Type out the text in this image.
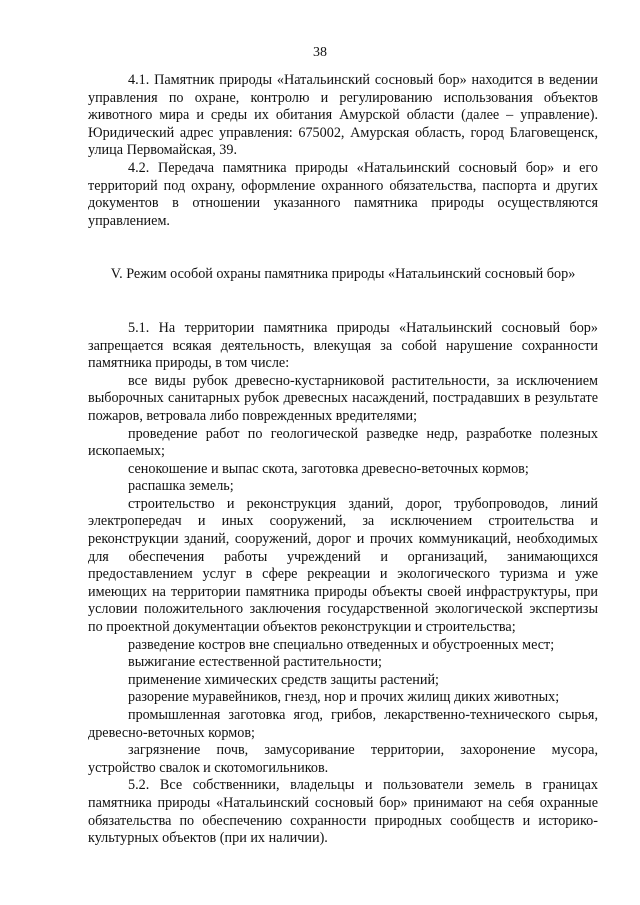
38

4.1. Памятник природы «Натальинский сосновый бор» находится в ведении управления по охране, контролю и регулированию использования объектов животного мира и среды их обитания Амурской области (далее – управление). Юридический адрес управления: 675002, Амурская область, город Благовещенск, улица Первомайская, 39.

4.2. Передача памятника природы «Натальинский сосновый бор» и его территорий под охрану, оформление охранного обязательства, паспорта и других документов в отношении указанного памятника природы осуществляются управлением.

V. Режим особой охраны памятника природы «Натальинский сосновый бор»

5.1. На территории памятника природы «Натальинский сосновый бор» запрещается всякая деятельность, влекущая за собой нарушение сохранности памятника природы, в том числе:

все виды рубок древесно-кустарниковой растительности, за исключением выборочных санитарных рубок древесных насаждений, пострадавших в результате пожаров, ветровала либо поврежденных вредителями;

проведение работ по геологической разведке недр, разработке полезных ископаемых;

сенокошение и выпас скота, заготовка древесно-веточных кормов;

распашка земель;

строительство и реконструкция зданий, дорог, трубопроводов, линий электропередач и иных сооружений, за исключением строительства и реконструкции зданий, сооружений, дорог и прочих коммуникаций, необходимых для обеспечения работы учреждений и организаций, занимающихся предоставлением услуг в сфере рекреации и экологического туризма и уже имеющих на территории памятника природы объекты своей инфраструктуры, при условии положительного заключения государственной экологической экспертизы по проектной документации объектов реконструкции и строительства;

разведение костров вне специально отведенных и обустроенных мест;

выжигание естественной растительности;

применение химических средств защиты растений;

разорение муравейников, гнезд, нор и прочих жилищ диких животных;

промышленная заготовка ягод, грибов, лекарственно-технического сырья, древесно-веточных кормов;

загрязнение почв, замусоривание территории, захоронение мусора, устройство свалок и скотомогильников.

5.2. Все собственники, владельцы и пользователи земель в границах памятника природы «Натальинский сосновый бор» принимают на себя охранные обязательства по обеспечению сохранности природных сообществ и историко-культурных объектов (при их наличии).
